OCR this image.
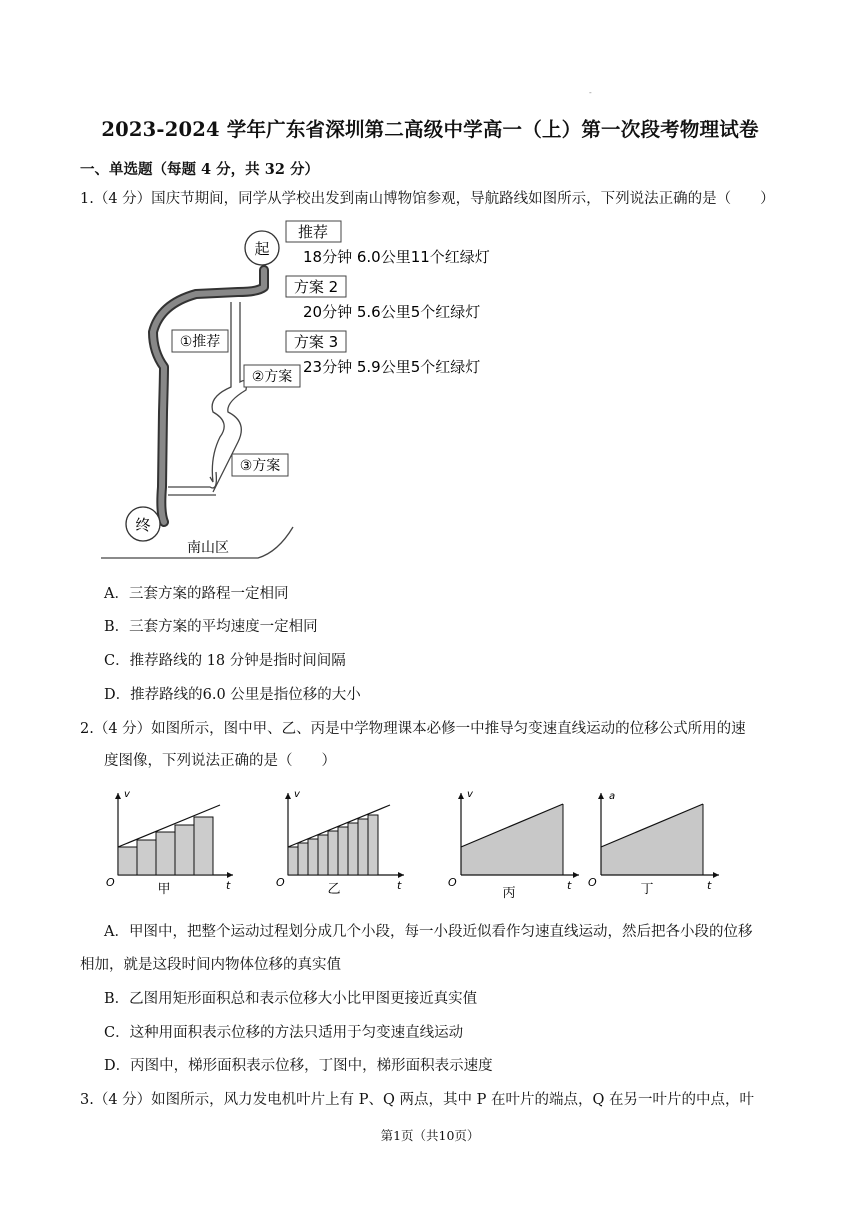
-
2023-2024 学年广东省深圳第二高级中学高一（上）第一次段考物理试卷
一、单选题（每题 4 分，共 32 分）
1.（4 分）国庆节期间，同学从学校出发到南山博物馆参观，导航路线如图所示，下列说法正确的是（　　）
起
终
南山区
①推荐
②方案
③方案
推荐
18分钟 6.0公里11个红绿灯
方案 2
20分钟 5.6公里5个红绿灯
方案 3
23分钟 5.9公里5个红绿灯
A．三套方案的路程一定相同
B．三套方案的平均速度一定相同
C．推荐路线的 18 分钟是指时间间隔
D．推荐路线的6.0 公里是指位移的大小
2.（4 分）如图所示，图中甲、乙、丙是中学物理课本必修一中推导匀变速直线运动的位移公式所用的速
度图像，下列说法正确的是（　　）
v
O	t
甲
v
O	t
乙
v
O	t
丙
a
O	t
丁
A．甲图中，把整个运动过程划分成几个小段，每一小段近似看作匀速直线运动，然后把各小段的位移
相加，就是这段时间内物体位移的真实值
B．乙图用矩形面积总和表示位移大小比甲图更接近真实值
C．这种用面积表示位移的方法只适用于匀变速直线运动
D．丙图中，梯形面积表示位移，丁图中，梯形面积表示速度
3.（4 分）如图所示，风力发电机叶片上有 P、Q 两点，其中 P 在叶片的端点，Q 在另一叶片的中点，叶
第1页（共10页）
